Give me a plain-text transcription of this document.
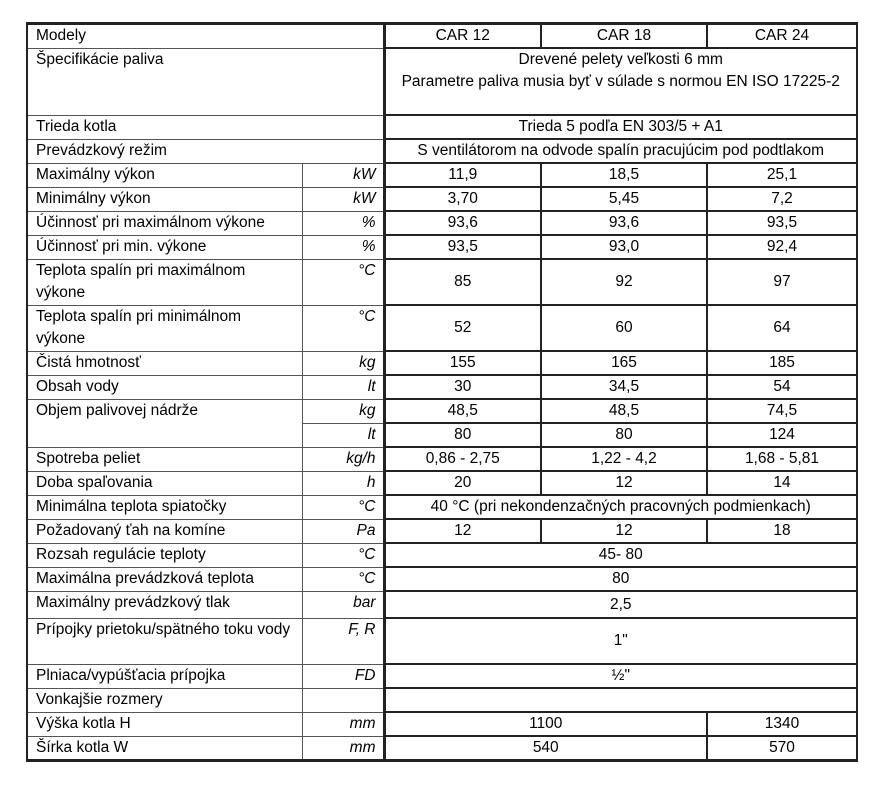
Modely		CAR 12	CAR 18	CAR 24
Špecifikácie paliva		Drevené pelety veľkosti 6 mm
Parametre paliva musia byť v súlade s normou EN ISO 17225-2		

Trieda kotla		Trieda 5 podľa EN 303/5 + A1		
Prevádzkový režim		S ventilátorom na odvode spalín pracujúcim pod podtlakom		
Maximálny výkon	kW	11,9	18,5	25,1
Minimálny výkon	kW	3,70	5,45	7,2
Účinnosť pri maximálnom výkone	%	93,6	93,6	93,5
Účinnosť pri min. výkone	%	93,5	93,0	92,4
Teplota spalín pri maximálnom výkone	°C	85	92	97
Teplota spalín pri minimálnom výkone	°C	52	60	64
Čistá hmotnosť	kg	155	165	185
Obsah vody	lt	30	34,5	54
Objem palivovej nádrže	kg	48,5	48,5	74,5
	lt	80	80	124
Spotreba peliet	kg/h	0,86 - 2,75	1,22 - 4,2	1,68 - 5,81
Doba spaľovania	h	20	12	14
Minimálna teplota spiatočky	°C	40 °C (pri nekondenzačných pracovných podmienkach)		
Požadovaný ťah na komíne	Pa	12	12	18
Rozsah regulácie teploty	°C	45- 80		
Maximálna prevádzková teplota	°C	80		
Maximálny prevádzkový tlak	bar	2,5		
Prípojky prietoku/spätného toku vody	F, R	1"		
Plniaca/vypúšťacia prípojka	FD	½"		
Vonkajšie rozmery				
Výška kotla H	mm	1100		1340
Šírka kotla W	mm	540		570
